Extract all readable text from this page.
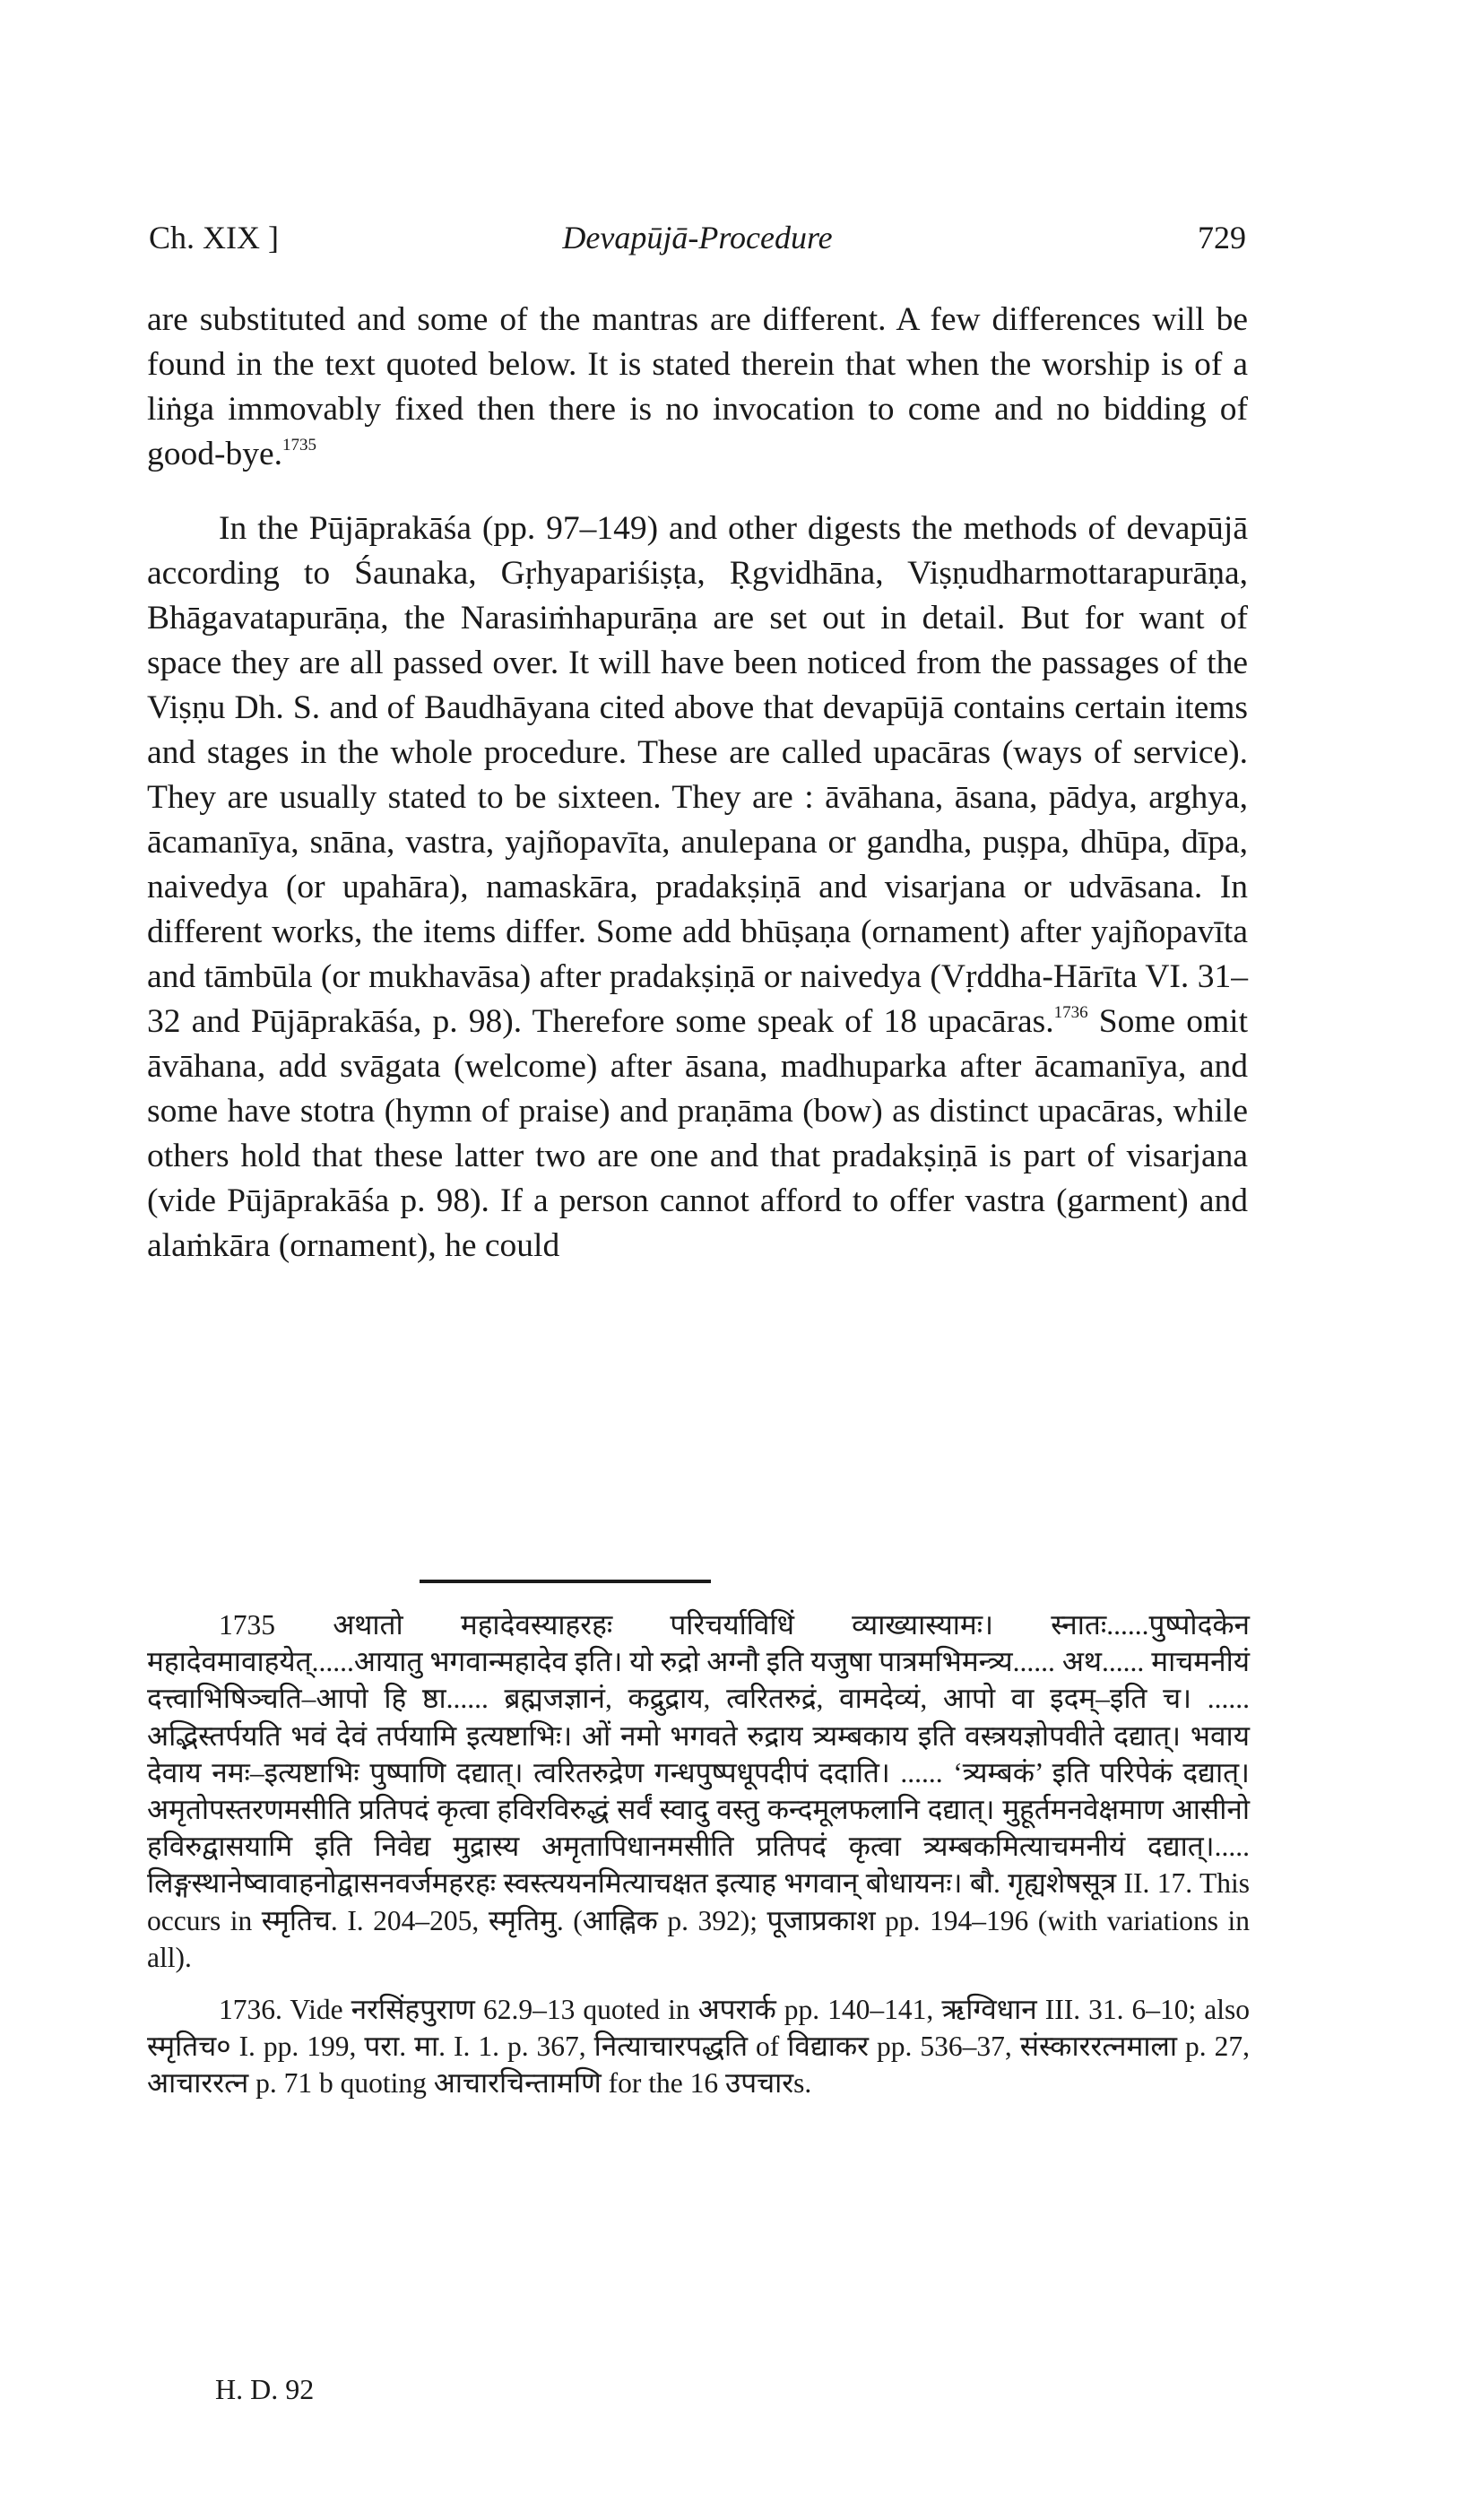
Ch. XIX ]	Devapūjā-Procedure	729

are substituted and some of the mantras are different. A few differences will be found in the text quoted below. It is stated therein that when the worship is of a liṅga immovably fixed then there is no invocation to come and no bidding of good-bye.$^{1735}$

In the Pūjāprakāśa (pp. 97–149) and other digests the methods of devapūjā according to Śaunaka, Gṛhyapariśiṣṭa, Ṛgvidhāna, Viṣṇudharmottarapurāṇa, Bhāgavatapurāṇa, the Narasiṁhapurāṇa are set out in detail. But for want of space they are all passed over. It will have been noticed from the passages of the Viṣṇu Dh. S. and of Baudhāyana cited above that devapūjā contains certain items and stages in the whole procedure. These are called upacāras (ways of service). They are usually stated to be sixteen. They are : āvāhana, āsana, pādya, arghya, ācamanīya, snāna, vastra, yajñopavīta, anulepana or gandha, puṣpa, dhūpa, dīpa, naivedya (or upahāra), namaskāra, pradakṣiṇā and visarjana or udvāsana. In different works, the items differ. Some add bhūṣaṇa (ornament) after yajñopavīta and tāmbūla (or mukhavāsa) after pradakṣiṇā or naivedya (Vṛddha-Hārīta VI. 31–32 and Pūjāprakāśa, p. 98). Therefore some speak of 18 upacāras.$^{1736}$ Some omit āvāhana, add svāgata (welcome) after āsana, madhuparka after ācamanīya, and some have stotra (hymn of praise) and praṇāma (bow) as distinct upacāras, while others hold that these latter two are one and that pradakṣiṇā is part of visarjana (vide Pūjāprakāśa p. 98). If a person cannot afford to offer vastra (garment) and alaṁkāra (ornament), he could

1735 अथातो महादेवस्याहरहः परिचर्याविधिं व्याख्यास्यामः। स्नातः......पुष्पोदकेन महादेवमावाहयेत्......आयातु भगवान्महादेव इति। यो रुद्रो अग्नौ इति यजुषा पात्रमभिमन्त्र्य...... अथ...... माचमनीयं दत्त्वाभिषिञ्चति–आपो हि ष्ठा...... ब्रह्मजज्ञानं, कद्रुद्राय, त्वरितरुद्रं, वामदेव्यं, आपो वा इदम्–इति च। ...... अद्भिस्तर्पयति भवं देवं तर्पयामि इत्यष्टाभिः। ओं नमो भगवते रुद्राय त्र्यम्बकाय इति वस्त्रयज्ञोपवीते दद्यात्। भवाय देवाय नमः–इत्यष्टाभिः पुष्पाणि दद्यात्। त्वरितरुद्रेण गन्धपुष्पधूपदीपं ददाति। ...... ‘त्र्यम्बकं’ इति परिपेकं दद्यात्। अमृतोपस्तरणमसीति प्रतिपदं कृत्वा हविरविरुद्धं सर्वं स्वादु वस्तु कन्दमूलफलानि दद्यात्। मुहूर्तमनवेक्षमाण आसीनो हविरुद्वासयामि इति निवेद्य मुद्रास्य अमृतापिधानमसीति प्रतिपदं कृत्वा त्र्यम्बकमित्याचमनीयं दद्यात्।..... लिङ्गस्थानेष्वावाहनोद्वासनवर्जमहरहः स्वस्त्ययनमित्याचक्षत इत्याह भगवान् बोधायनः। बौ. गृह्यशेषसूत्र II. 17. This occurs in स्मृतिच. I. 204–205, स्मृतिमु. (आह्निक p. 392); पूजाप्रकाश pp. 194–196 (with variations in all).

1736. Vide नरसिंहपुराण 62.9–13 quoted in अपरार्क pp. 140–141, ऋग्विधान III. 31. 6–10; also स्मृतिच० I. pp. 199, परा. मा. I. 1. p. 367, नित्याचारपद्धति of विद्याकर pp. 536–37, संस्काररत्नमाला p. 27, आचाररत्न p. 71 b quoting आचारचिन्तामणि for the 16 उपचारs.

H. D. 92
